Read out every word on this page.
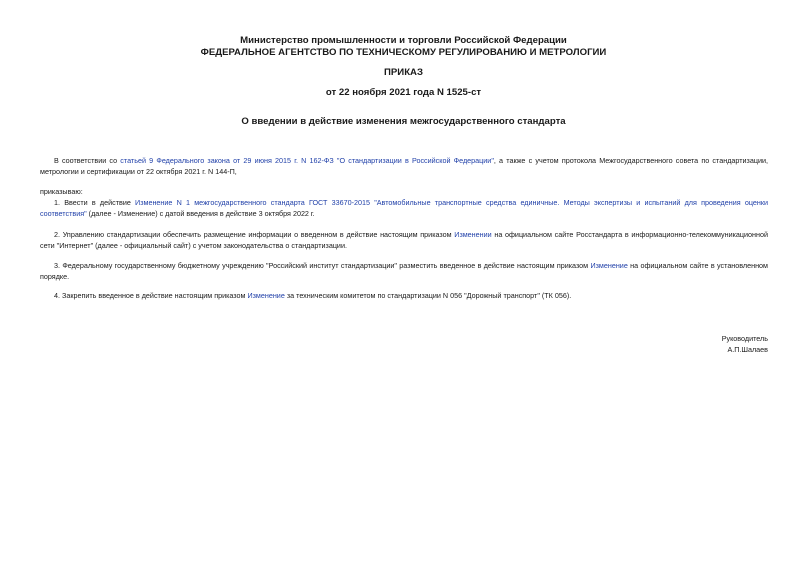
Министерство промышленности и торговли Российской Федерации
ФЕДЕРАЛЬНОЕ АГЕНТСТВО ПО ТЕХНИЧЕСКОМУ РЕГУЛИРОВАНИЮ И МЕТРОЛОГИИ
ПРИКАЗ
от 22 ноября 2021 года N 1525-ст
О введении в действие изменения межгосударственного стандарта
В соответствии со статьей 9 Федерального закона от 29 июня 2015 г. N 162-ФЗ "О стандартизации в Российской Федерации", а также с учетом протокола Межгосударственного совета по стандартизации, метрологии и сертификации от 22 октября 2021 г. N 144-П,
приказываю:
1. Ввести в действие Изменение N 1 межгосударственного стандарта ГОСТ 33670-2015 "Автомобильные транспортные средства единичные. Методы экспертизы и испытаний для проведения оценки соответствия" (далее - Изменение) с датой введения в действие 3 октября 2022 г.
2. Управлению стандартизации обеспечить размещение информации о введенном в действие настоящим приказом Изменении на официальном сайте Росстандарта в информационно-телекоммуникационной сети "Интернет" (далее - официальный сайт) с учетом законодательства о стандартизации.
3. Федеральному государственному бюджетному учреждению "Российский институт стандартизации" разместить введенное в действие настоящим приказом Изменение на официальном сайте в установленном порядке.
4. Закрепить введенное в действие настоящим приказом Изменение за техническим комитетом по стандартизации N 056 "Дорожный транспорт" (ТК 056).
Руководитель
А.П.Шалаев
